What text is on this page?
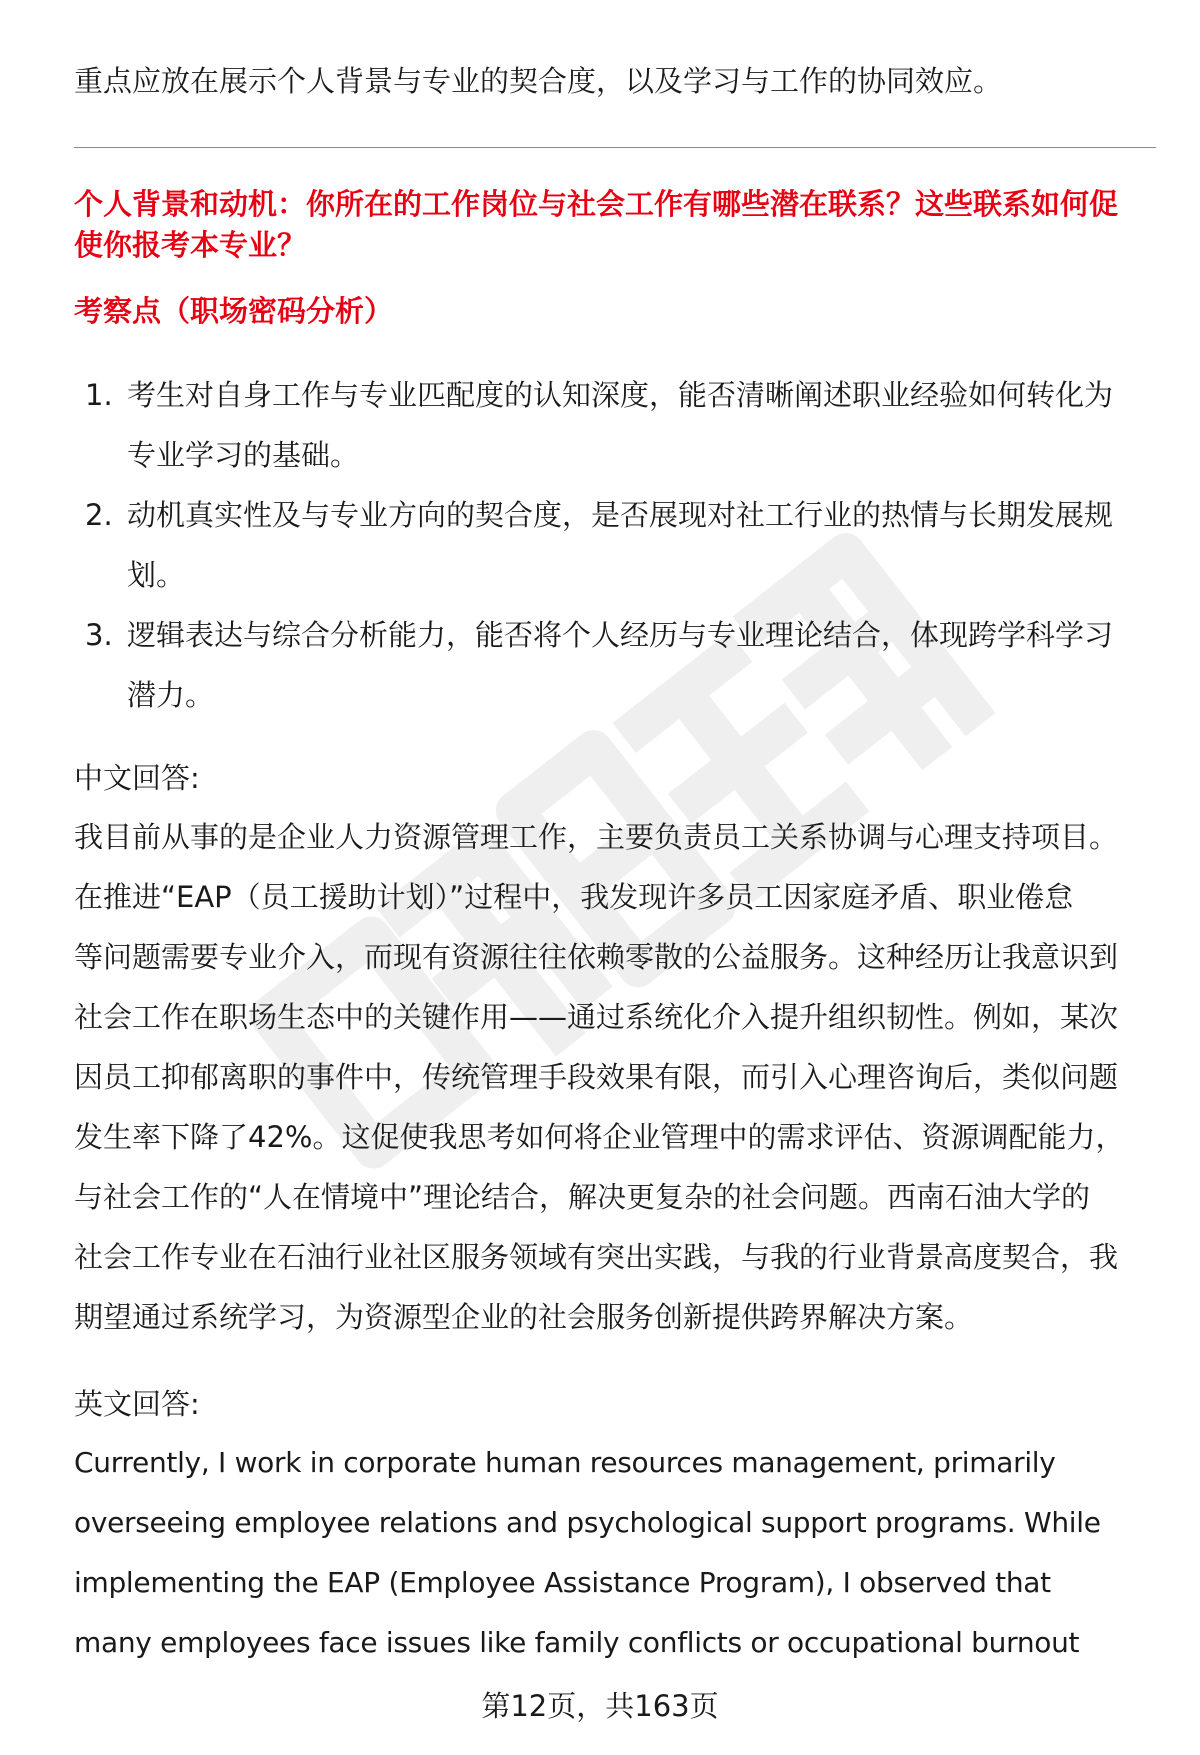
重点应放在展示个人背景与专业的契合度，以及学习与工作的协同效应。

个人背景和动机：你所在的工作岗位与社会工作有哪些潜在联系？这些联系如何促
使你报考本专业？
考察点（职场密码分析）
1. 考生对自身工作与专业匹配度的认知深度，能否清晰阐述职业经验如何转化为
专业学习的基础。
2. 动机真实性及与专业方向的契合度，是否展现对社工行业的热情与长期发展规
划。
3. 逻辑表达与综合分析能力，能否将个人经历与专业理论结合，体现跨学科学习
潜力。
中文回答:
我目前从事的是企业人力资源管理工作，主要负责员工关系协调与心理支持项目。
在推进“EAP（员工援助计划）”过程中，我发现许多员工因家庭矛盾、职业倦怠
等问题需要专业介入，而现有资源往往依赖零散的公益服务。这种经历让我意识到
社会工作在职场生态中的关键作用——通过系统化介入提升组织韧性。例如，某次
因员工抑郁离职的事件中，传统管理手段效果有限，而引入心理咨询后，类似问题
发生率下降了42%。这促使我思考如何将企业管理中的需求评估、资源调配能力，
与社会工作的“人在情境中”理论结合，解决更复杂的社会问题。西南石油大学的
社会工作专业在石油行业社区服务领域有突出实践，与我的行业背景高度契合，我
期望通过系统学习，为资源型企业的社会服务创新提供跨界解决方案。
英文回答:
Currently, I work in corporate human resources management, primarily
overseeing employee relations and psychological support programs. While
implementing the EAP (Employee Assistance Program), I observed that
many employees face issues like family conflicts or occupational burnout
第12页，共163页
